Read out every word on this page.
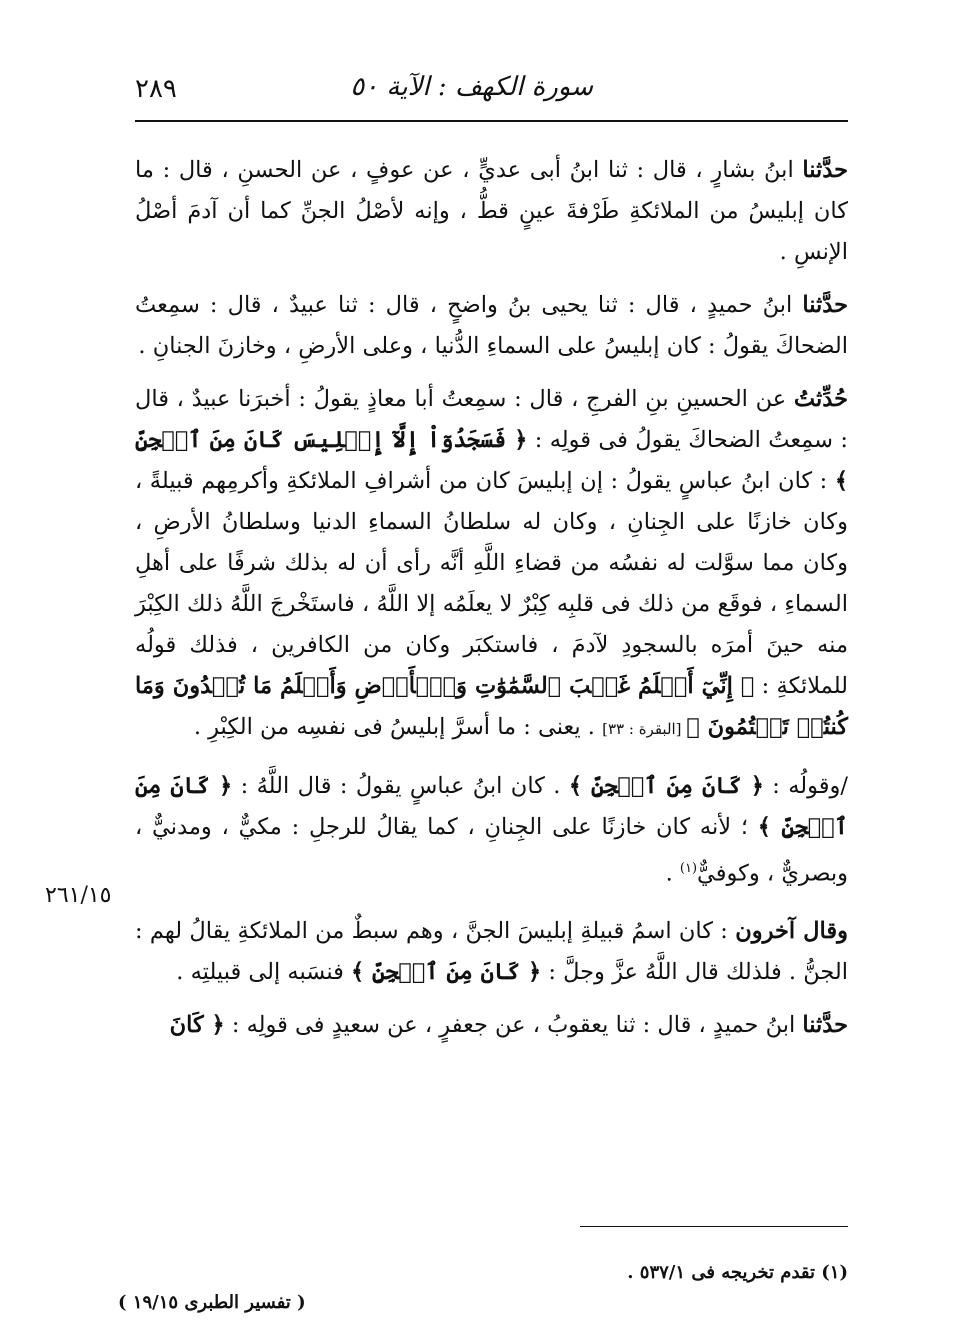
٢٨٩	سورة الكهف : الآية ٥٠

حدَّثنا ابنُ بشارٍ ، قال : ثنا ابنُ أبى عديٍّ ، عن عوفٍ ، عن الحسنِ ، قال : ما كان إبليسُ من الملائكةِ طَرْفةَ عينٍ قطُّ ، وإنه لأصْلُ الجنِّ كما أن آدمَ أصْلُ الإنسِ .

حدَّثنا ابنُ حميدٍ ، قال : ثنا يحيى بنُ واضحٍ ، قال : ثنا عبيدٌ ، قال : سمِعتُ الضحاكَ يقولُ : كان إبليسُ على السماءِ الدُّنيا ، وعلى الأرضِ ، وخازنَ الجنانِ .

حُدِّثتُ عن الحسينِ بنِ الفرجِ ، قال : سمِعتُ أبا معاذٍ يقولُ : أخبرَنا عبيدٌ ، قال : سمِعتُ الضحاكَ يقولُ فى قولِه : ﴿ فَسَجَدُوٓاْ إِلَّآ إِبۡلِيسَ كَانَ مِنَ ٱلۡجِنِّ ﴾ : كان ابنُ عباسٍ يقولُ : إن إبليسَ كان من أشرافِ الملائكةِ وأكرمِهم قبيلةً ، وكان خازنًا على الجِنانِ ، وكان له سلطانُ السماءِ الدنيا وسلطانُ الأرضِ ، وكان مما سوَّلت له نفسُه من قضاءِ اللَّهِ أنَّه رأى أن له بذلك شرفًا على أهلِ السماءِ ، فوقَع من ذلك فى قلبِه كِبْرٌ لا يعلَمُه إلا اللَّهُ ، فاستَخْرجَ اللَّهُ ذلك الكِبْرَ منه حينَ أمرَه بالسجودِ لآدمَ ، فاستكبَر وكان من الكافرين ، فذلك قولُه للملائكةِ : ﴿ إِنِّيٓ أَعۡلَمُ غَيۡبَ ٱلسَّمَٰوَٰتِ وَٱلۡأَرۡضِ وَأَعۡلَمُ مَا تُبۡدُونَ وَمَا كُنتُمۡ تَكۡتُمُونَ ﴾ [البقرة : ٣٣] . يعنى : ما أسرَّ إبليسُ فى نفسِه من الكِبْرِ .

/وقولُه : ﴿ كَانَ مِنَ ٱلۡجِنِّ ﴾ . كان ابنُ عباسٍ يقولُ : قال اللَّهُ : ﴿ كَانَ مِنَ ٱلۡجِنِّ ﴾ ؛ لأنه كان خازنًا على الجِنانِ ، كما يقالُ للرجلِ : مكيٌّ ، ومدنيٌّ ، وبصريٌّ ، وكوفيٌّ$^{(١)}$ .

وقال آخرون : كان اسمُ قبيلةِ إبليسَ الجنَّ ، وهم سبطٌ من الملائكةِ يقالُ لهم : الجنُّ . فلذلك قال اللَّهُ عزَّ وجلَّ : ﴿ كَانَ مِنَ ٱلۡجِنِّ ﴾ فنسَبه إلى قبيلتِه .

حدَّثنا ابنُ حميدٍ ، قال : ثنا يعقوبُ ، عن جعفرٍ ، عن سعيدٍ فى قولِه : ﴿ كَانَ

٢٦١/١٥
(١) تقدم تخريجه فى ٥٣٧/١ .
( تفسير الطبرى ١٩/١٥ )
